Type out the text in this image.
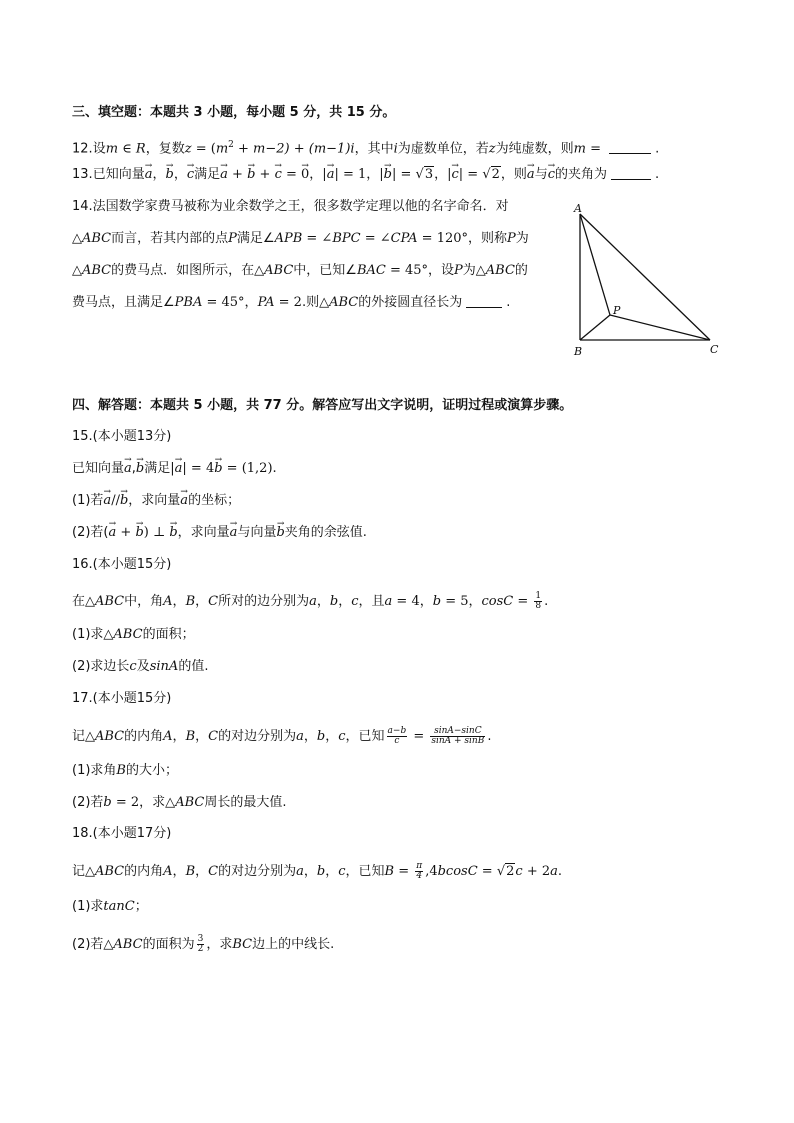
三、填空题：本题共 3 小题，每小题 5 分，共 15 分。
12.设m ∈ R，复数$z = (m^2 + m-2) + (m-1)i$，其中i为虚数单位，若z为纯虚数，则m =	.
13.已知向量→ a，→ b，→ c满足→ a + → b + → c = → 0，|→ a| = 1，|→ b| = √3，|→ c| = √2，则→ a与→ c的夹角为	.
14.法国数学家费马被称为业余数学之王，很多数学定理以他的名字命名．对
△ABC而言，若其内部的点P满足∠APB = ∠BPC = ∠CPA = 120°，则称P为
△ABC的费马点．如图所示，在△ABC中，已知∠BAC = 45°，设P为△ABC的
费马点，且满足∠PBA = 45°，PA = 2.则△ABC的外接圆直径长为	.
A
B	C
P
四、解答题：本题共 5 小题，共 77 分。解答应写出文字说明，证明过程或演算步骤。
15.(本小题13分)
已知向量→ a,→ b满足|→ a| = 4→ b = (1,2).
(1)若→ a//→ b，求向量→ a的坐标；
(2)若(→ a + → b) ⊥ → b，求向量→ a与向量→ b夹角的余弦值.
16.(本小题15分)
在△ABC中，角A，B，C所对的边分别为a，b，c，且a = 4，b = 5，$\cos C = \frac{1}{8}$ .
(1)求△ABC的面积；
(2)求边长c及sinA的值.
17.(本小题15分)
记△ABC的内角A，B，C的对边分别为a，b，c，已知 $\frac{a-b}{c} = \frac{\sin A-\sin C}{\sin A + \sin B}$ .
(1)求角B的大小；
(2)若b = 2，求△ABC周长的最大值.
18.(本小题17分)
记△ABC的内角A，B，C的对边分别为a，b，c，已知$B = \frac{\pi}{4} ,4bcosC = √2c + 2a$.
(1)求tanC；
(2)若△ABC的面积为 $\frac{3}{2}$ ，求BC边上的中线长.
